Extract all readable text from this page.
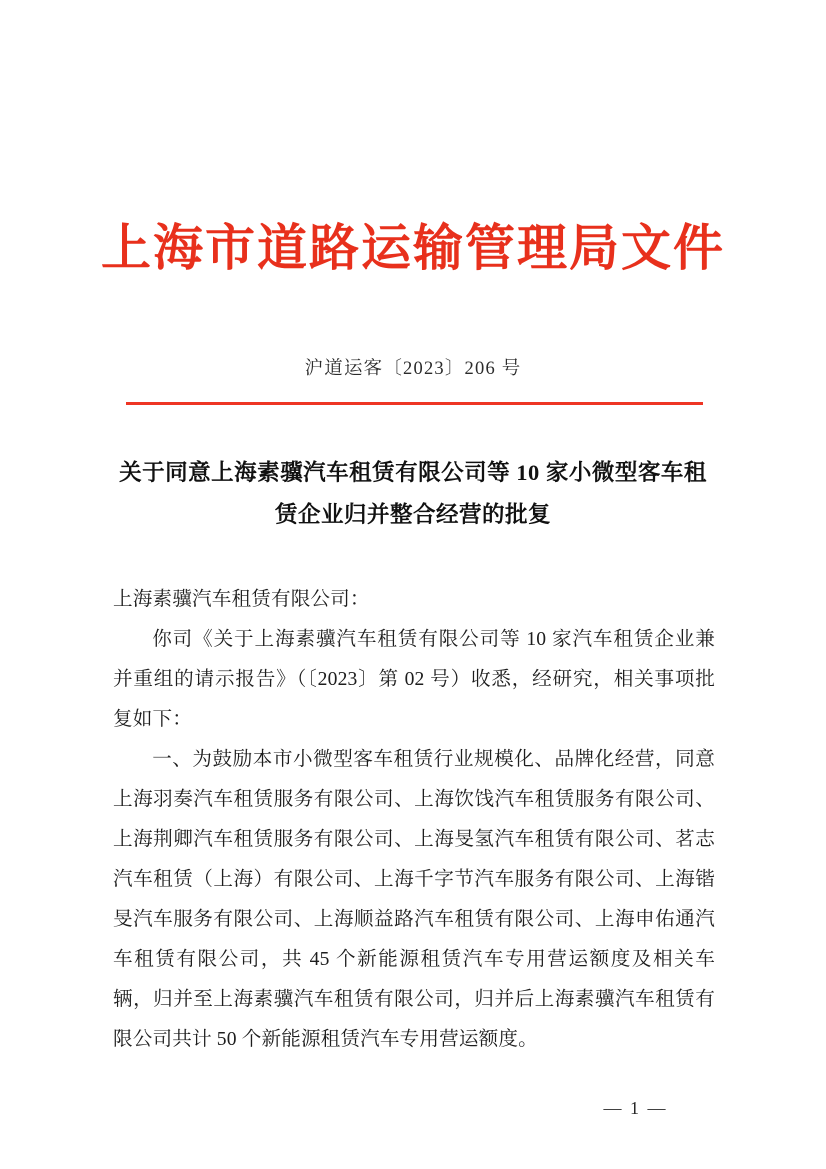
上海市道路运输管理局文件
沪道运客〔2023〕206 号
关于同意上海素骥汽车租赁有限公司等 10 家小微型客车租赁企业归并整合经营的批复

上海素骥汽车租赁有限公司：

你司《关于上海素骥汽车租赁有限公司等 10 家汽车租赁企业兼并重组的请示报告》（〔2023〕第 02 号）收悉，经研究，相关事项批复如下：

一、为鼓励本市小微型客车租赁行业规模化、品牌化经营，同意上海羽奏汽车租赁服务有限公司、上海饮饯汽车租赁服务有限公司、上海荆卿汽车租赁服务有限公司、上海旻氢汽车租赁有限公司、茗志汽车租赁（上海）有限公司、上海千字节汽车服务有限公司、上海锴旻汽车服务有限公司、上海顺益路汽车租赁有限公司、上海申佑通汽车租赁有限公司，共 45 个新能源租赁汽车专用营运额度及相关车辆，归并至上海素骥汽车租赁有限公司，归并后上海素骥汽车租赁有限公司共计 50 个新能源租赁汽车专用营运额度。

— 1 —
